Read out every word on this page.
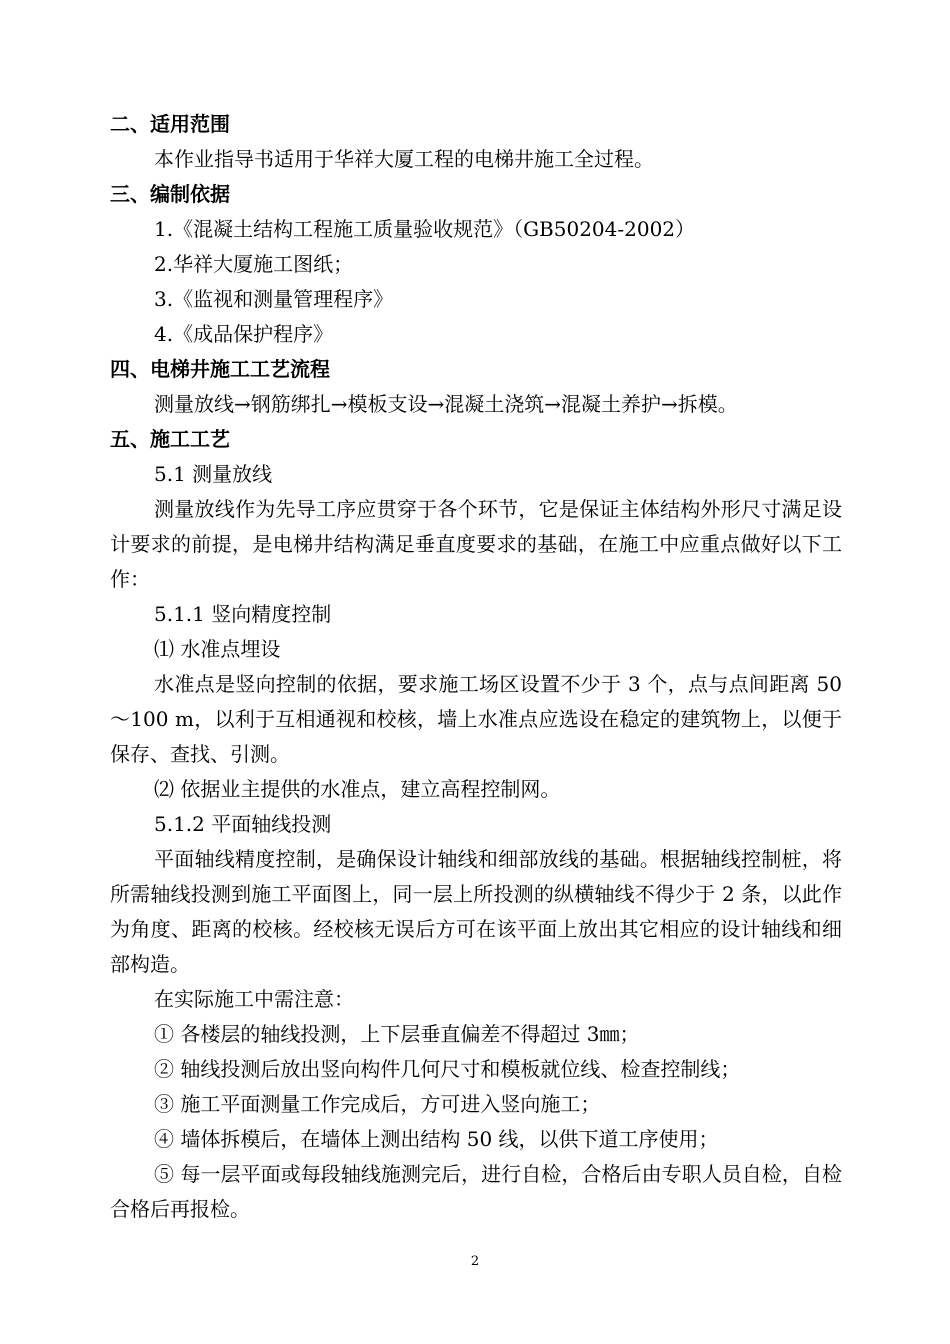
二、适用范围
本作业指导书适用于华祥大厦工程的电梯井施工全过程。
三、编制依据
1.《混凝土结构工程施工质量验收规范》（GB50204-2002）
2.华祥大厦施工图纸；
3.《监视和测量管理程序》
4.《成品保护程序》
四、电梯井施工工艺流程
测量放线→钢筋绑扎→模板支设→混凝土浇筑→混凝土养护→拆模。
五、施工工艺
5.1 测量放线
测量放线作为先导工序应贯穿于各个环节，它是保证主体结构外形尺寸满足设计要求的前提，是电梯井结构满足垂直度要求的基础，在施工中应重点做好以下工作：
5.1.1 竖向精度控制
⑴ 水准点埋设
水准点是竖向控制的依据，要求施工场区设置不少于 3 个，点与点间距离 50～100 m，以利于互相通视和校核，墙上水准点应选设在稳定的建筑物上，以便于保存、查找、引测。
⑵ 依据业主提供的水准点，建立高程控制网。
5.1.2 平面轴线投测
平面轴线精度控制，是确保设计轴线和细部放线的基础。根据轴线控制桩，将所需轴线投测到施工平面图上，同一层上所投测的纵横轴线不得少于 2 条，以此作为角度、距离的校核。经校核无误后方可在该平面上放出其它相应的设计轴线和细部构造。
在实际施工中需注意：
① 各楼层的轴线投测，上下层垂直偏差不得超过 3㎜；
② 轴线投测后放出竖向构件几何尺寸和模板就位线、检查控制线；
③ 施工平面测量工作完成后，方可进入竖向施工；
④ 墙体拆模后，在墙体上测出结构 50 线，以供下道工序使用；
⑤ 每一层平面或每段轴线施测完后，进行自检，合格后由专职人员自检，自检合格后再报检。
2
